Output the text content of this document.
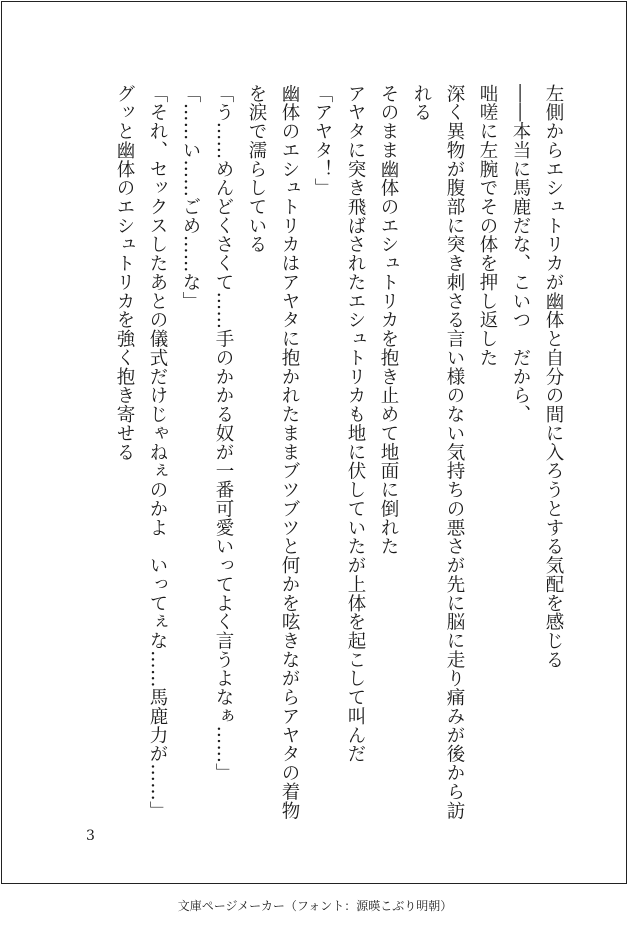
左側からエシュトリカが幽体と自分の間に入ろうとする気配を感じる

――本当に馬鹿だな、こいつ　だから、

咄嗟に左腕でその体を押し返した

深く異物が腹部に突き刺さる言い様のない気持ちの悪さが先に脳に走り痛みが後から訪れる

そのまま幽体のエシュトリカを抱き止めて地面に倒れた

アヤタに突き飛ばされたエシュトリカも地に伏していたが上体を起こして叫んだ

「アヤタ！」

幽体のエシュトリカはアヤタに抱かれたままブツブツと何かを呟きながらアヤタの着物を涙で濡らしている

「う……めんどくさくて……手のかかる奴が一番可愛いってよく言うよなぁ……」

「……い……ごめ……な」

「それ、セックスしたあとの儀式だけじゃねぇのかよ　いってぇな……馬鹿力が……」

グッと幽体のエシュトリカを強く抱き寄せる

3
文庫ページメーカー（フォント：源暎こぶり明朝）
